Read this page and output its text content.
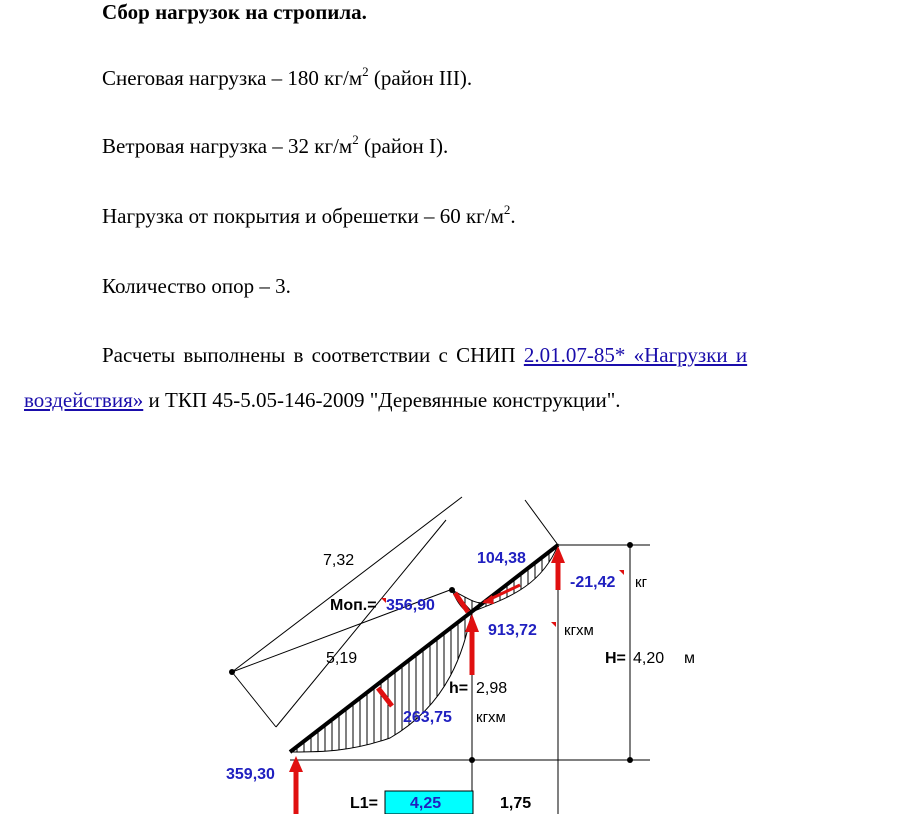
Сбор нагрузок на стропила.
Снеговая нагрузка – 180 $кг/м^2$ (район III).
Ветровая нагрузка – 32 $кг/м^2$ (район I).
Нагрузка от покрытия и обрешетки – 60 $кг/м^2$.
Количество опор – 3.
Расчеты выполнены в соответствии с СНИП 2.01.07-85* «Нагрузки и
воздействия» и ТКП 45-5.05-146-2009 "Деревянные конструкции".
7,32
5,19
104,38
-21,42 кг
Моп.= 356,90
913,72 кгхм
h= 2,98
263,75 кгхм
H= 4,20 м
359,30
L1= 4,25	1,75
